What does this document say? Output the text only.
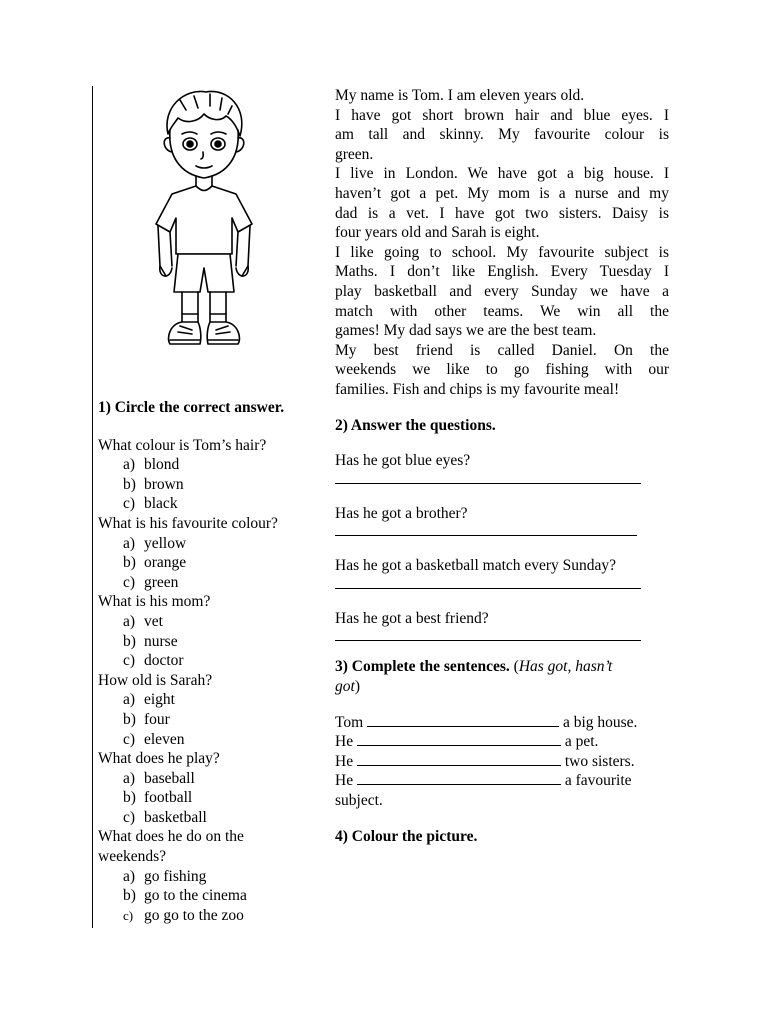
1) Circle the correct answer.
What colour is Tom’s hair?
a) blond
b) brown
c) black
What is his favourite colour?
a) yellow
b) orange
c) green
What is his mom?
a) vet
b) nurse
c) doctor
How old is Sarah?
a) eight
b) four
c) eleven
What does he play?
a) baseball
b) football
c) basketball
What does he do on the
weekends?
a) go fishing
b) go to the cinema
c) go go to the zoo

My name is Tom. I am eleven years old.
I have got short brown hair and blue eyes. I
am tall and skinny. My favourite colour is
green.
I live in London. We have got a big house. I
haven’t got a pet. My mom is a nurse and my
dad is a vet. I have got two sisters. Daisy is
four years old and Sarah is eight.
I like going to school. My favourite subject is
Maths. I don’t like English. Every Tuesday I
play basketball and every Sunday we have a
match with other teams. We win all the
games! My dad says we are the best team.
My best friend is called Daniel. On the
weekends we like to go fishing with our
families. Fish and chips is my favourite meal!

2) Answer the questions.
Has he got blue eyes?
Has he got a brother?
Has he got a basketball match every Sunday?
Has he got a best friend?
3) Complete the sentences. (Has got, hasn’t
got)
Tom	a big house.
He	a pet.
He	two sisters.
He	a favourite
subject.
4) Colour the picture.
